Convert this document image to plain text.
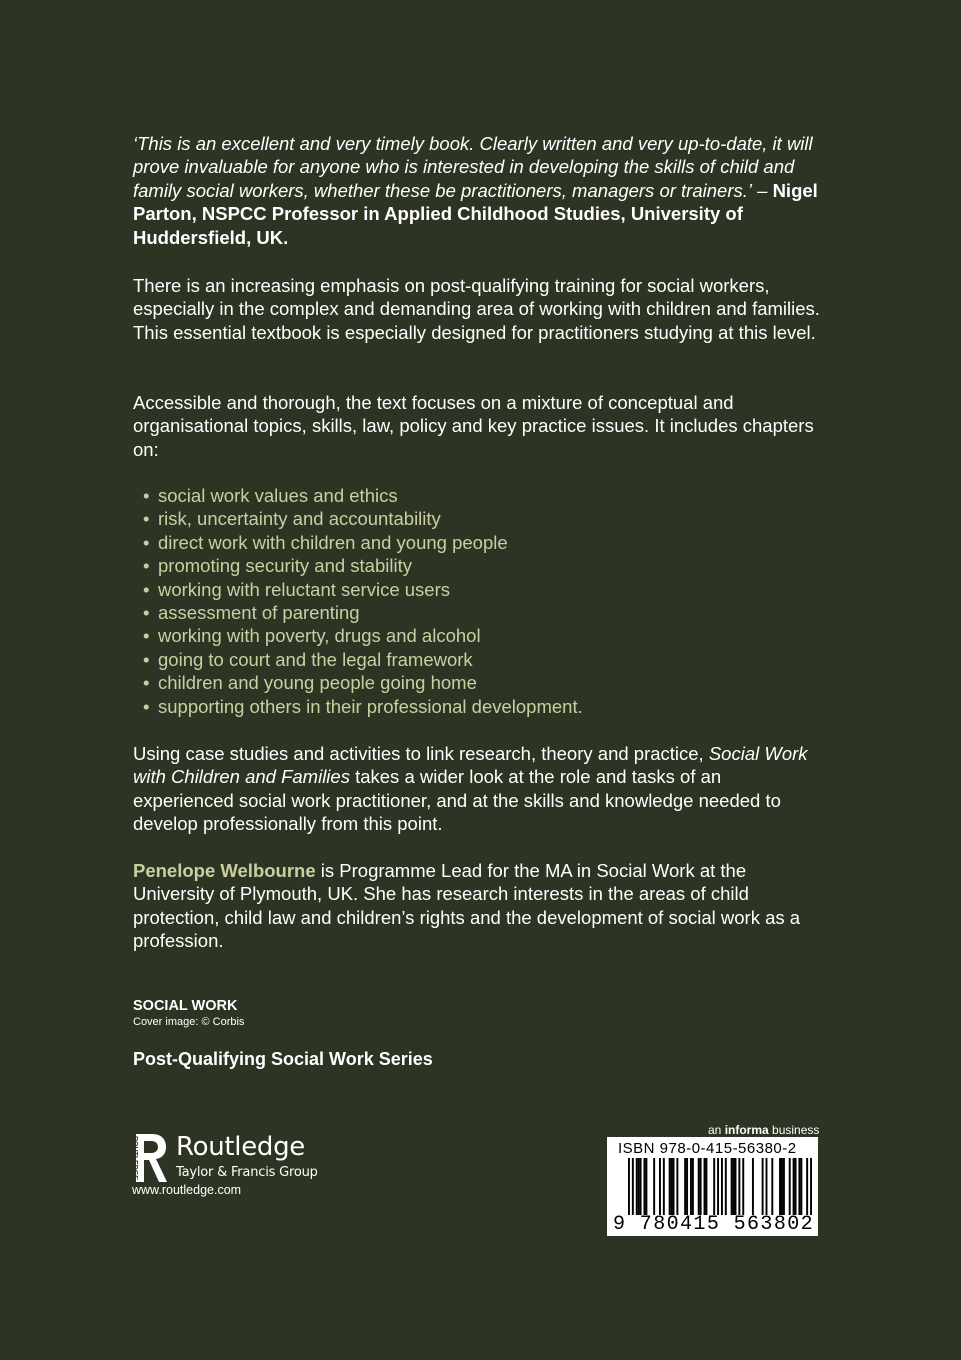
‘This is an excellent and very timely book. Clearly written and very up-to-date, it will prove invaluable for anyone who is interested in developing the skills of child and family social workers, whether these be practitioners, managers or trainers.’ – Nigel Parton, NSPCC Professor in Applied Childhood Studies, University of Huddersfield, UK.

There is an increasing emphasis on post-qualifying training for social workers, especially in the complex and demanding area of working with children and families. This essential textbook is especially designed for practitioners studying at this level.

Accessible and thorough, the text focuses on a mixture of conceptual and organisational topics, skills, law, policy and key practice issues. It includes chapters on:

• social work values and ethics
• risk, uncertainty and accountability
• direct work with children and young people
• promoting security and stability
• working with reluctant service users
• assessment of parenting
• working with poverty, drugs and alcohol
• going to court and the legal framework
• children and young people going home
• supporting others in their professional development.

Using case studies and activities to link research, theory and practice, Social Work with Children and Families takes a wider look at the role and tasks of an experienced social work practitioner, and at the skills and knowledge needed to develop professionally from this point.

Penelope Welbourne is Programme Lead for the MA in Social Work at the University of Plymouth, UK. She has research interests in the areas of child protection, child law and children’s rights and the development of social work as a profession.

SOCIAL WORK
Cover image: © Corbis
Post-Qualifying Social Work Series
ROUTLEDGE Routledge
Taylor & Francis Group
www.routledge.com
an informa business
ISBN 978-0-415-56380-2
9 780415 563802
